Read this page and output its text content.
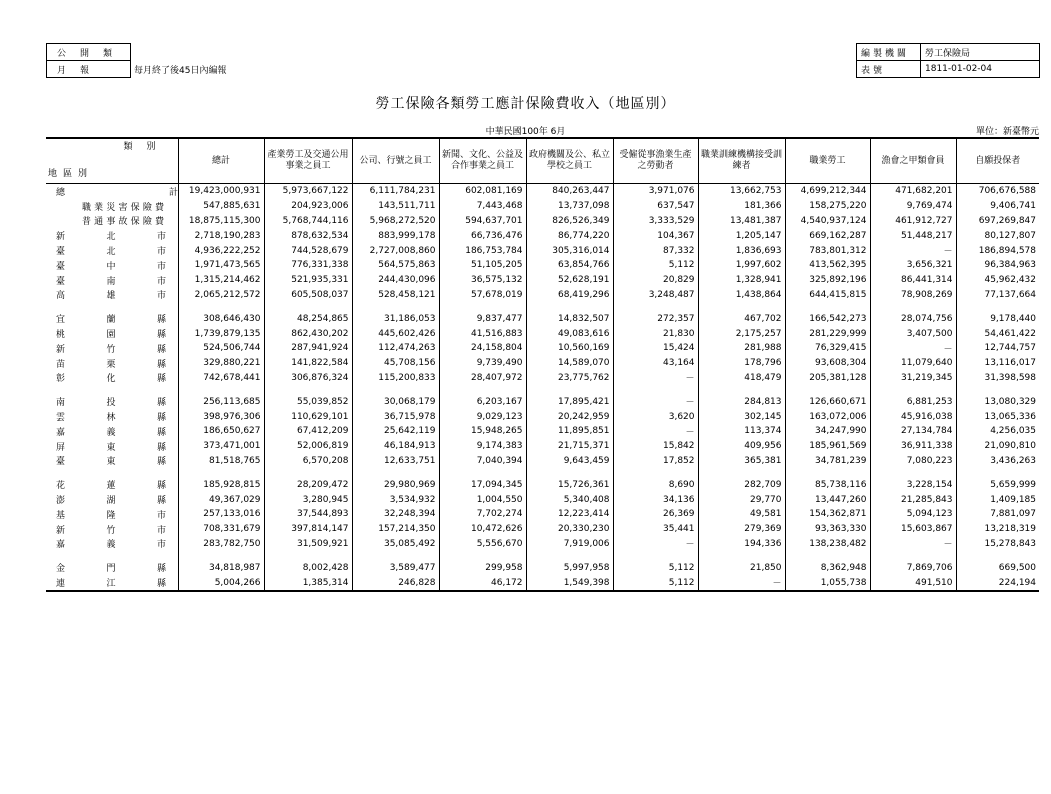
公開類	
月報	每月終了後45日內編報
編製機關	勞工保險局
表號	1811-01-02-04
勞工保險各類勞工應計保險費收入（地區別）
中華民國100年 6月	單位：新臺幣元
類別
地區別	總計	產業勞工及交通公用事業之員工	公司、行號之員工	新聞、文化、公益及合作事業之員工	政府機關及公、私立學校之員工	受僱從事漁業生產之勞動者	職業訓練機構接受訓練者	職業勞工	漁會之甲類會員	自願投保者
總計	19,423,000,931	5,973,667,122	6,111,784,231	602,081,169	840,263,447	3,971,076	13,662,753	4,699,212,344	471,682,201	706,676,588
職業災害保險費	547,885,631	204,923,006	143,511,711	7,443,468	13,737,098	637,547	181,366	158,275,220	9,769,474	9,406,741
普通事故保險費	18,875,115,300	5,768,744,116	5,968,272,520	594,637,701	826,526,349	3,333,529	13,481,387	4,540,937,124	461,912,727	697,269,847
新北市	2,718,190,283	878,632,534	883,999,178	66,736,476	86,774,220	104,367	1,205,147	669,162,287	51,448,217	80,127,807
臺北市	4,936,222,252	744,528,679	2,727,008,860	186,753,784	305,316,014	87,332	1,836,693	783,801,312	－	186,894,578
臺中市	1,971,473,565	776,331,338	564,575,863	51,105,205	63,854,766	5,112	1,997,602	413,562,395	3,656,321	96,384,963
臺南市	1,315,214,462	521,935,331	244,430,096	36,575,132	52,628,191	20,829	1,328,941	325,892,196	86,441,314	45,962,432
高雄市	2,065,212,572	605,508,037	528,458,121	57,678,019	68,419,296	3,248,487	1,438,864	644,415,815	78,908,269	77,137,664

宜蘭縣	308,646,430	48,254,865	31,186,053	9,837,477	14,832,507	272,357	467,702	166,542,273	28,074,756	9,178,440
桃園縣	1,739,879,135	862,430,202	445,602,426	41,516,883	49,083,616	21,830	2,175,257	281,229,999	3,407,500	54,461,422
新竹縣	524,506,744	287,941,924	112,474,263	24,158,804	10,560,169	15,424	281,988	76,329,415	－	12,744,757
苗栗縣	329,880,221	141,822,584	45,708,156	9,739,490	14,589,070	43,164	178,796	93,608,304	11,079,640	13,116,017
彰化縣	742,678,441	306,876,324	115,200,833	28,407,972	23,775,762	－	418,479	205,381,128	31,219,345	31,398,598

南投縣	256,113,685	55,039,852	30,068,179	6,203,167	17,895,421	－	284,813	126,660,671	6,881,253	13,080,329
雲林縣	398,976,306	110,629,101	36,715,978	9,029,123	20,242,959	3,620	302,145	163,072,006	45,916,038	13,065,336
嘉義縣	186,650,627	67,412,209	25,642,119	15,948,265	11,895,851	－	113,374	34,247,990	27,134,784	4,256,035
屏東縣	373,471,001	52,006,819	46,184,913	9,174,383	21,715,371	15,842	409,956	185,961,569	36,911,338	21,090,810
臺東縣	81,518,765	6,570,208	12,633,751	7,040,394	9,643,459	17,852	365,381	34,781,239	7,080,223	3,436,263

花蓮縣	185,928,815	28,209,472	29,980,969	17,094,345	15,726,361	8,690	282,709	85,738,116	3,228,154	5,659,999
澎湖縣	49,367,029	3,280,945	3,534,932	1,004,550	5,340,408	34,136	29,770	13,447,260	21,285,843	1,409,185
基隆市	257,133,016	37,544,893	32,248,394	7,702,274	12,223,414	26,369	49,581	154,362,871	5,094,123	7,881,097
新竹市	708,331,679	397,814,147	157,214,350	10,472,626	20,330,230	35,441	279,369	93,363,330	15,603,867	13,218,319
嘉義市	283,782,750	31,509,921	35,085,492	5,556,670	7,919,006	－	194,336	138,238,482	－	15,278,843

金門縣	34,818,987	8,002,428	3,589,477	299,958	5,997,958	5,112	21,850	8,362,948	7,869,706	669,500
連江縣	5,004,266	1,385,314	246,828	46,172	1,549,398	5,112	－	1,055,738	491,510	224,194
